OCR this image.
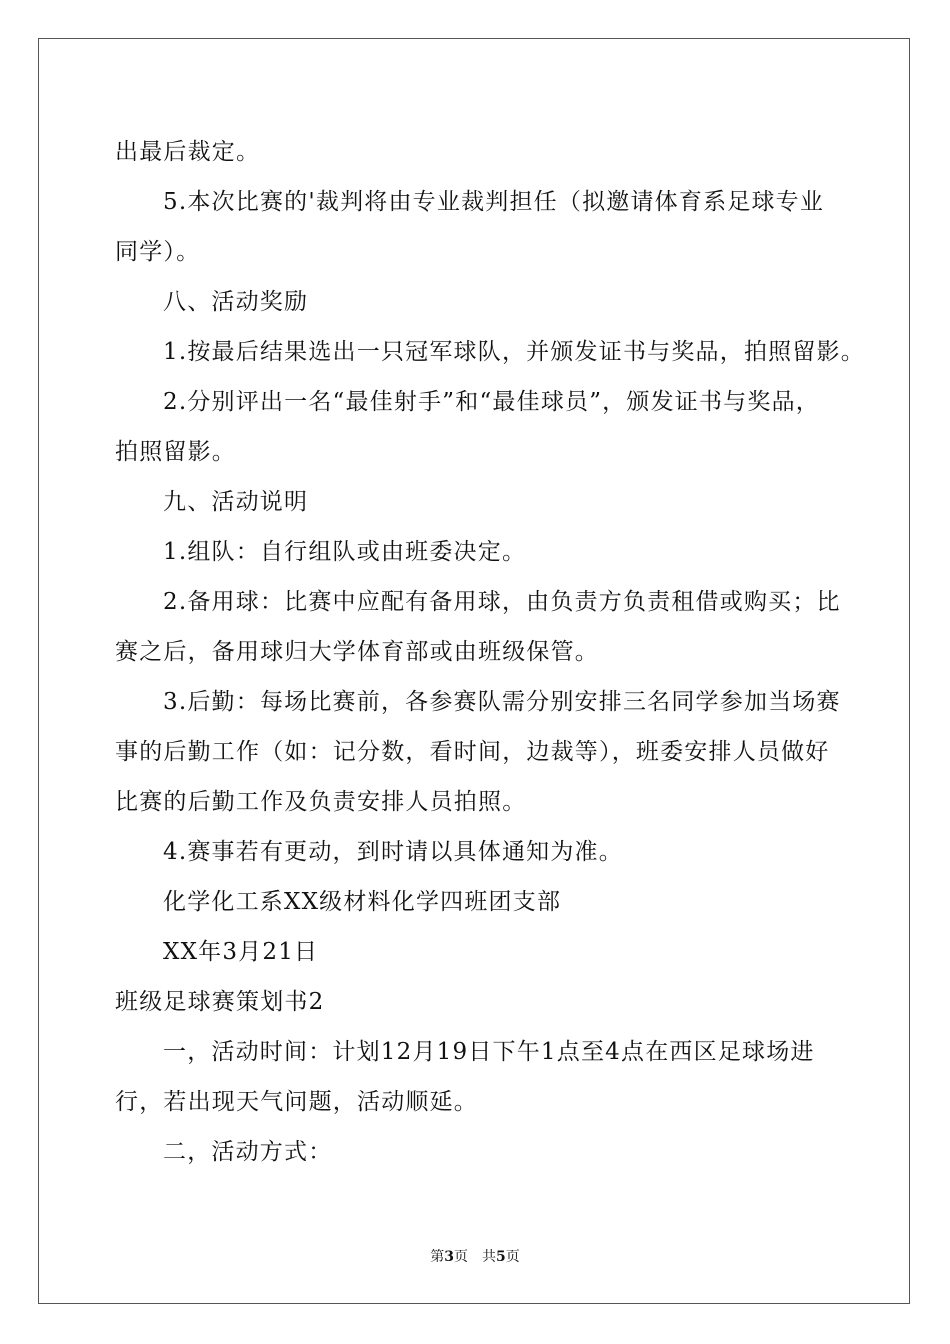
出最后裁定。
5.本次比赛的'裁判将由专业裁判担任（拟邀请体育系足球专业
同学）。
八、活动奖励
1.按最后结果选出一只冠军球队，并颁发证书与奖品，拍照留影。
2.分别评出一名“最佳射手”和“最佳球员”，颁发证书与奖品，
拍照留影。
九、活动说明
1.组队：自行组队或由班委决定。
2.备用球：比赛中应配有备用球，由负责方负责租借或购买；比
赛之后，备用球归大学体育部或由班级保管。
3.后勤：每场比赛前，各参赛队需分别安排三名同学参加当场赛
事的后勤工作（如：记分数，看时间，边裁等），班委安排人员做好
比赛的后勤工作及负责安排人员拍照。
4.赛事若有更动，到时请以具体通知为准。
化学化工系XX级材料化学四班团支部
XX年3月21日
班级足球赛策划书2
一，活动时间：计划12月19日下午1点至4点在西区足球场进
行，若出现天气问题，活动顺延。
二，活动方式：
第3页　共5页
